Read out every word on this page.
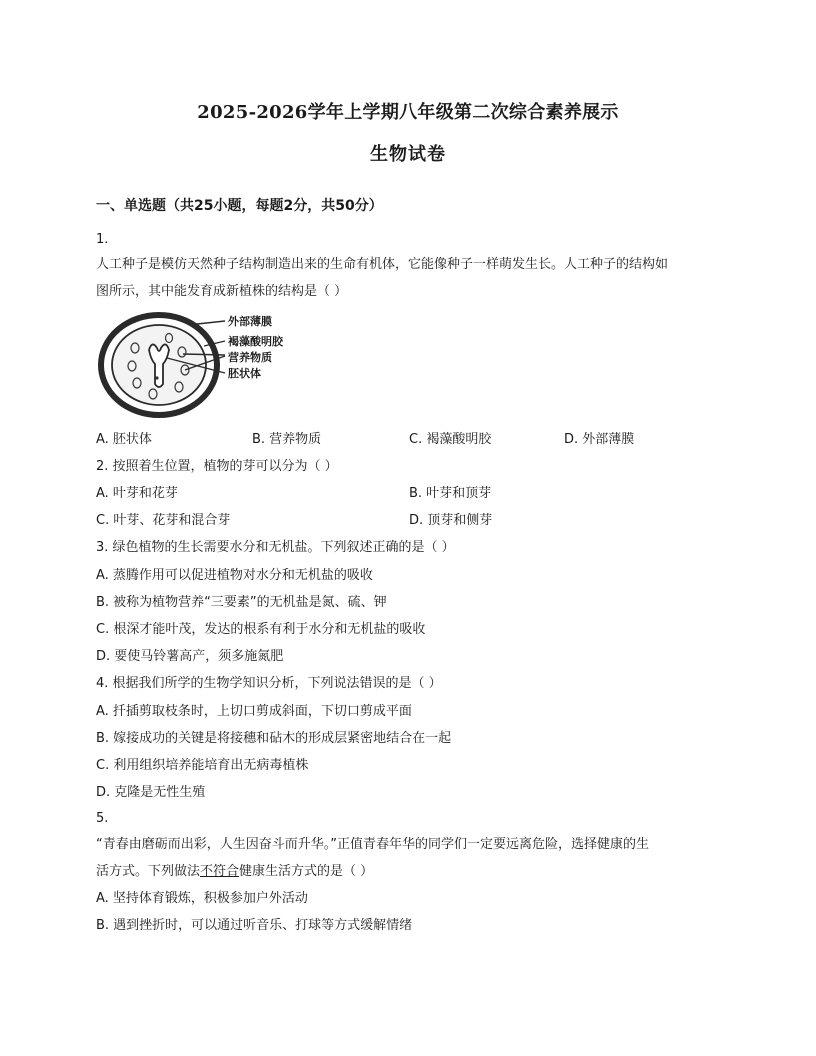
2025-2026学年上学期八年级第二次综合素养展示
生物试卷
一、单选题（共25小题，每题2分，共50分）
1.
人工种子是模仿天然种子结构制造出来的生命有机体，它能像种子一样萌发生长。人工种子的结构如
图所示，其中能发育成新植株的结构是（ ）
外部薄膜
褐藻酸明胶
营养物质
胚状体
A. 胚状体	B. 营养物质	C. 褐藻酸明胶	D. 外部薄膜
2. 按照着生位置，植物的芽可以分为（ ）
A. 叶芽和花芽	B. 叶芽和顶芽
C. 叶芽、花芽和混合芽	D. 顶芽和侧芽
3. 绿色植物的生长需要水分和无机盐。下列叙述正确的是（ ）
A. 蒸腾作用可以促进植物对水分和无机盐的吸收
B. 被称为植物营养“三要素”的无机盐是氮、硫、钾
C. 根深才能叶茂，发达的根系有利于水分和无机盐的吸收
D. 要使马铃薯高产，须多施氮肥
4. 根据我们所学的生物学知识分析，下列说法错误的是（ ）
A. 扦插剪取枝条时，上切口剪成斜面，下切口剪成平面
B. 嫁接成功的关键是将接穗和砧木的形成层紧密地结合在一起
C. 利用组织培养能培育出无病毒植株
D. 克隆是无性生殖
5.
“青春由磨砺而出彩，人生因奋斗而升华。”正值青春年华的同学们一定要远离危险，选择健康的生
活方式。下列做法不符合健康生活方式的是（ ）
A. 坚持体育锻炼，积极参加户外活动
B. 遇到挫折时，可以通过听音乐、打球等方式缓解情绪
